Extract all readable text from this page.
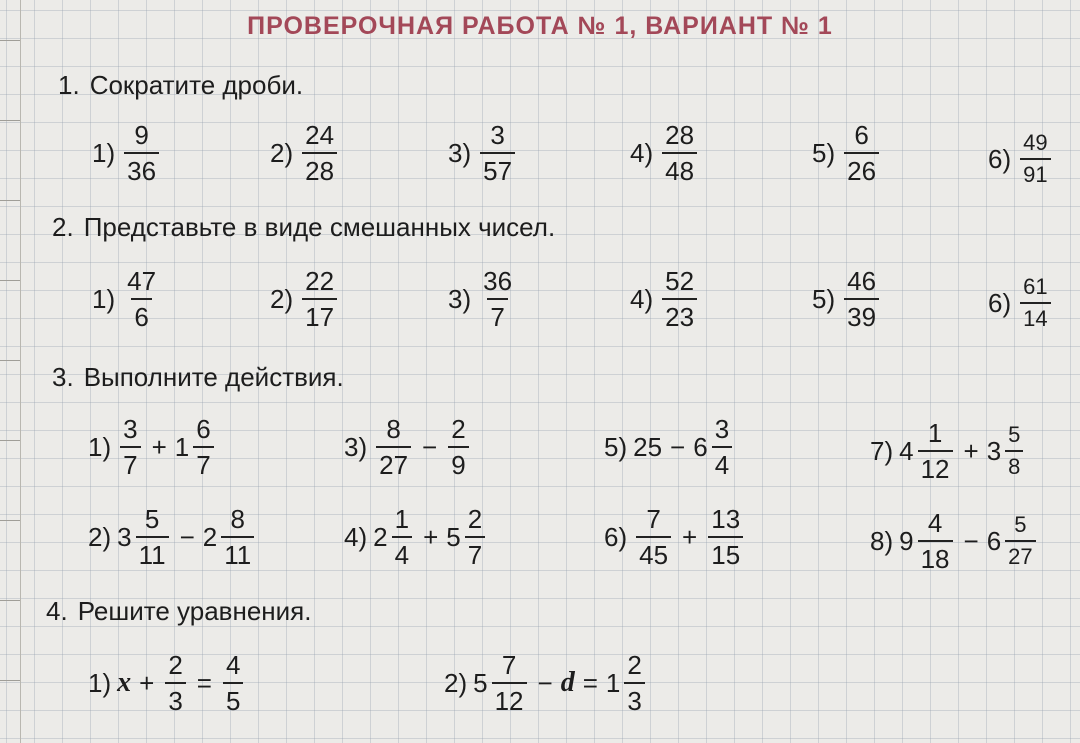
ПРОВЕРОЧНАЯ РАБОТА № 1, ВАРИАНТ № 1
1. Сократите дроби.
$1) \frac{9}{36}$	$2) \frac{24}{28}$	$3) \frac{3}{57}$	$4) \frac{28}{48}$	$5) \frac{6}{26}$	$6) \frac{49}{91}$
2. Представьте в виде смешанных чисел.
$1) \frac{47}{6}$	$2) \frac{22}{17}$	$3) \frac{36}{7}$	$4) \frac{52}{23}$	$5) \frac{46}{39}$	$6) \frac{61}{14}$
3. Выполните действия.
$1) \frac{3}{7} + 1 \frac{6}{7}$	$3) \frac{8}{27} - \frac{2}{9}$	5) $25 - 6 \frac{3}{4}$	7) $4 \frac{1}{12} + 3 \frac{5}{8}$
2) $3 \frac{5}{11} - 2 \frac{8}{11}$	4) $2 \frac{1}{4} + 5 \frac{2}{7}$	$6) \frac{7}{45} + \frac{13}{15}$	8) $9 \frac{4}{18} - 6 \frac{5}{27}$
4. Решите уравнения.
1) $x + \frac{2}{3} = \frac{4}{5}$	2) $5 \frac{7}{12} - d = 1 \frac{2}{3}$
